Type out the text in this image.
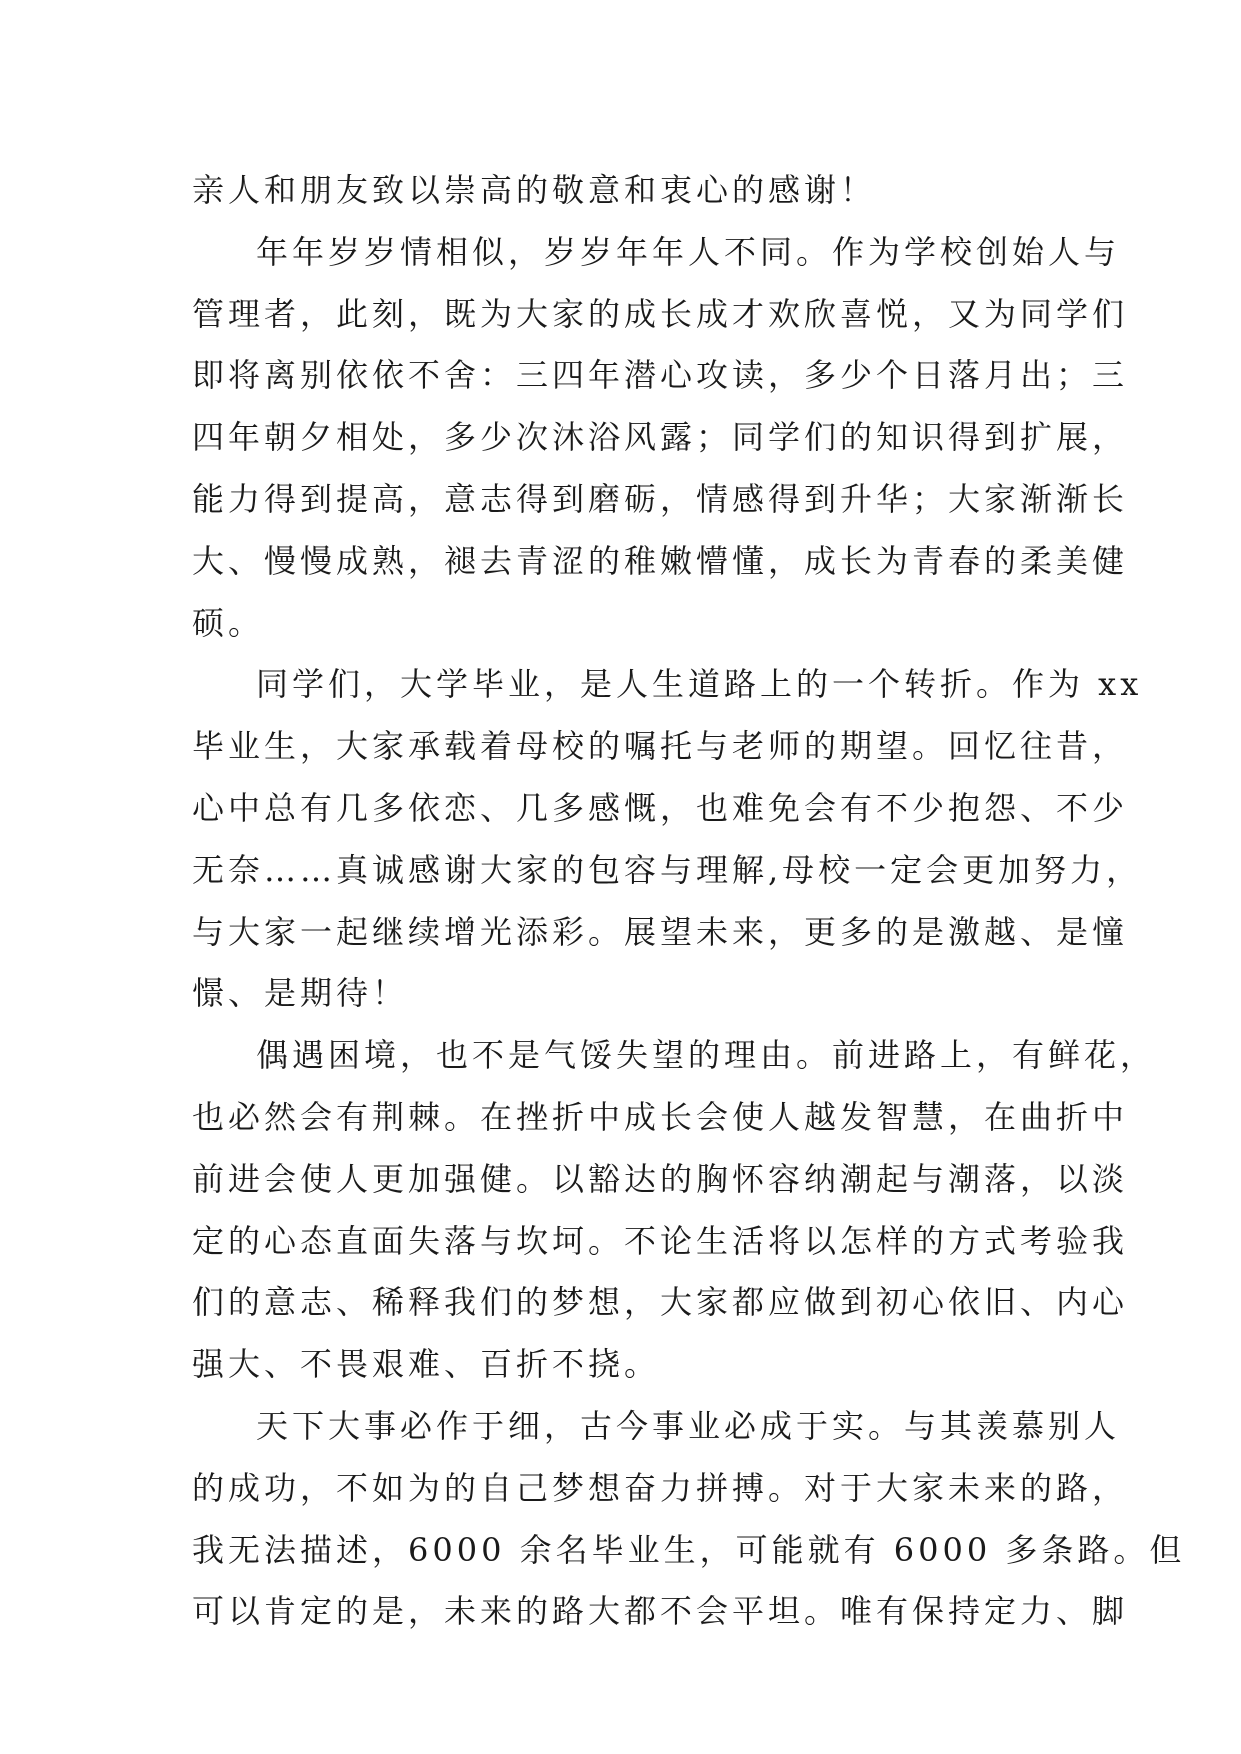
亲人和朋友致以崇高的敬意和衷心的感谢！
年年岁岁情相似，岁岁年年人不同。作为学校创始人与
管理者，此刻，既为大家的成长成才欢欣喜悦，又为同学们
即将离别依依不舍：三四年潜心攻读，多少个日落月出；三
四年朝夕相处，多少次沐浴风露；同学们的知识得到扩展，
能力得到提高，意志得到磨砺，情感得到升华；大家渐渐长
大、慢慢成熟，褪去青涩的稚嫩懵懂，成长为青春的柔美健
硕。
同学们，大学毕业，是人生道路上的一个转折。作为 xx
毕业生，大家承载着母校的嘱托与老师的期望。回忆往昔，
心中总有几多依恋、几多感慨，也难免会有不少抱怨、不少
无奈……真诚感谢大家的包容与理解,母校一定会更加努力，
与大家一起继续增光添彩。展望未来，更多的是激越、是憧
憬、是期待！
偶遇困境，也不是气馁失望的理由。前进路上，有鲜花，
也必然会有荆棘。在挫折中成长会使人越发智慧，在曲折中
前进会使人更加强健。以豁达的胸怀容纳潮起与潮落，以淡
定的心态直面失落与坎坷。不论生活将以怎样的方式考验我
们的意志、稀释我们的梦想，大家都应做到初心依旧、内心
强大、不畏艰难、百折不挠。
天下大事必作于细，古今事业必成于实。与其羡慕别人
的成功，不如为的自己梦想奋力拼搏。对于大家未来的路，
我无法描述，6000 余名毕业生，可能就有 6000 多条路。但
可以肯定的是，未来的路大都不会平坦。唯有保持定力、脚
